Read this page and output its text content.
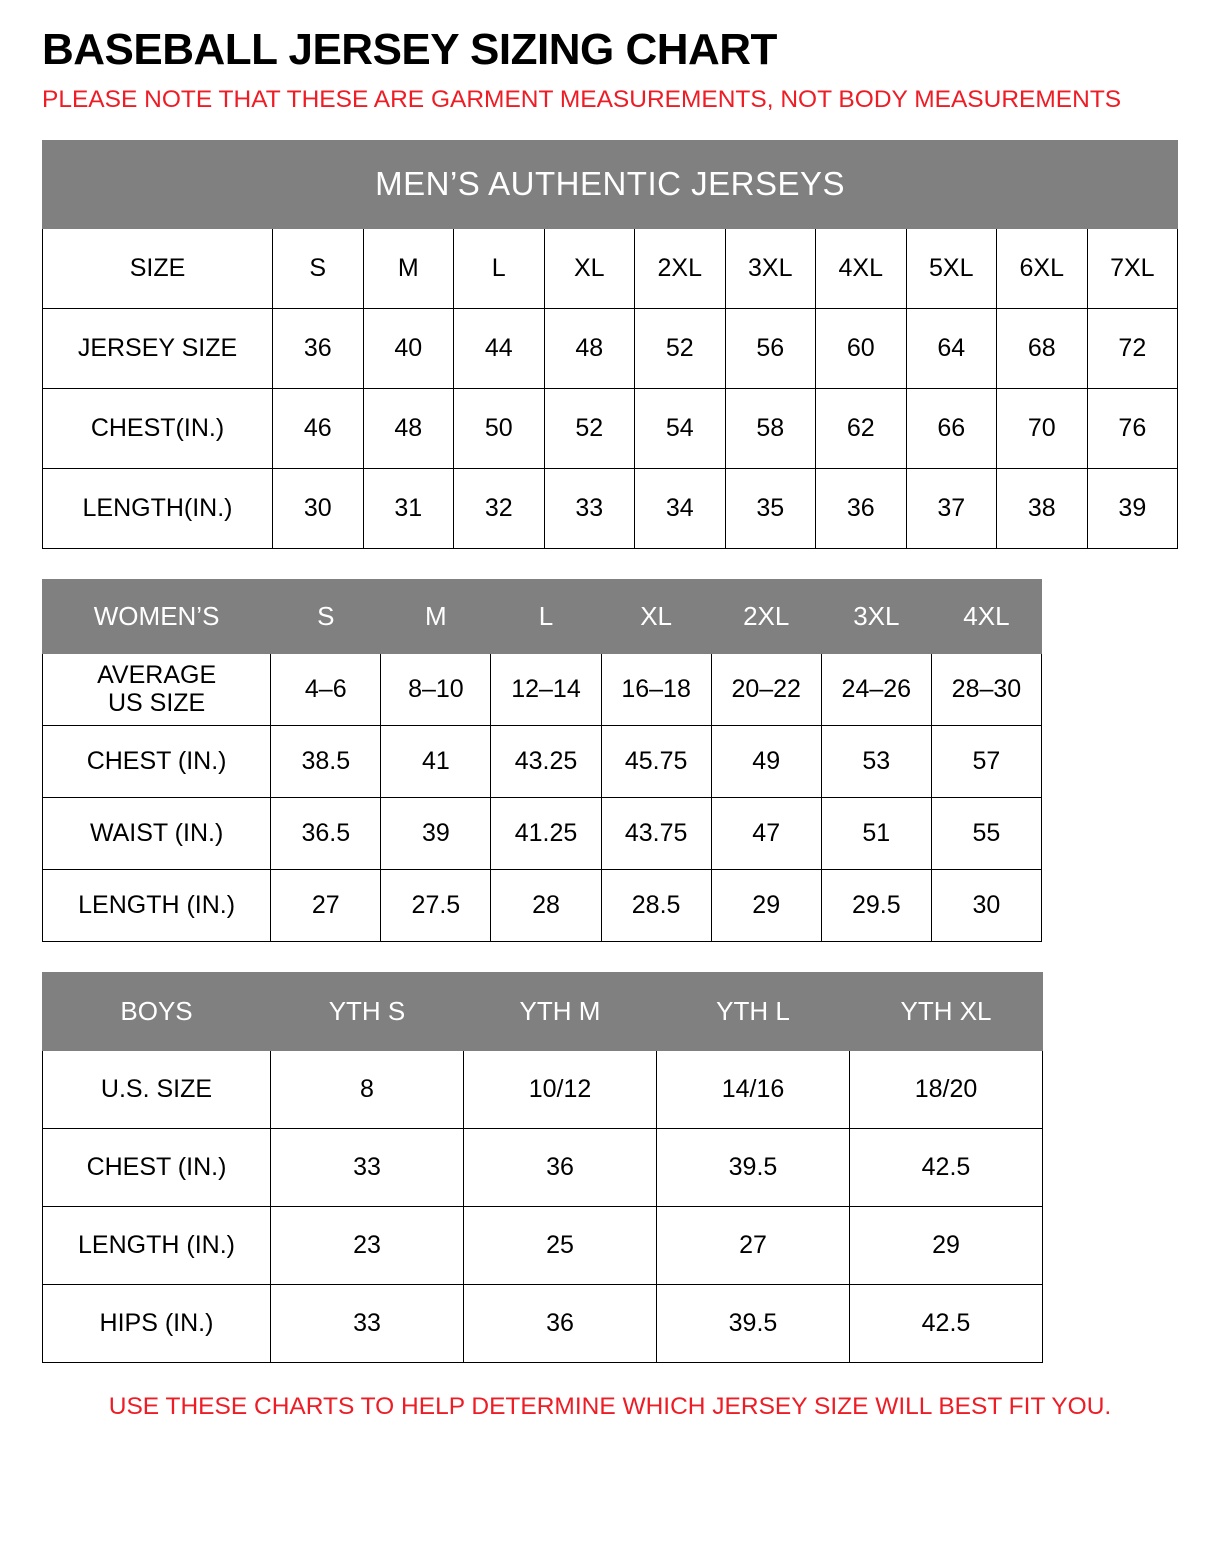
BASEBALL JERSEY SIZING CHART

PLEASE NOTE THAT THESE ARE GARMENT MEASUREMENTS, NOT BODY MEASUREMENTS

MEN’S AUTHENTIC JERSEYS										
SIZE	S	M	L	XL	2XL	3XL	4XL	5XL	6XL	7XL
JERSEY SIZE	36	40	44	48	52	56	60	64	68	72
CHEST(IN.)	46	48	50	52	54	58	62	66	70	76
LENGTH(IN.)	30	31	32	33	34	35	36	37	38	39
WOMEN’S	S	M	L	XL	2XL	3XL	4XL

AVERAGE
US SIZE	4–6	8–10	12–14	16–18	20–22	24–26	28–30
CHEST (IN.)	38.5	41	43.25	45.75	49	53	57
WAIST (IN.)	36.5	39	41.25	43.75	47	51	55
LENGTH (IN.)	27	27.5	28	28.5	29	29.5	30
BOYS	YTH S	YTH M	YTH L	YTH XL
U.S. SIZE	8	10/12	14/16	18/20
CHEST (IN.)	33	36	39.5	42.5
LENGTH (IN.)	23	25	27	29
HIPS (IN.)	33	36	39.5	42.5
USE THESE CHARTS TO HELP DETERMINE WHICH JERSEY SIZE WILL BEST FIT YOU.
